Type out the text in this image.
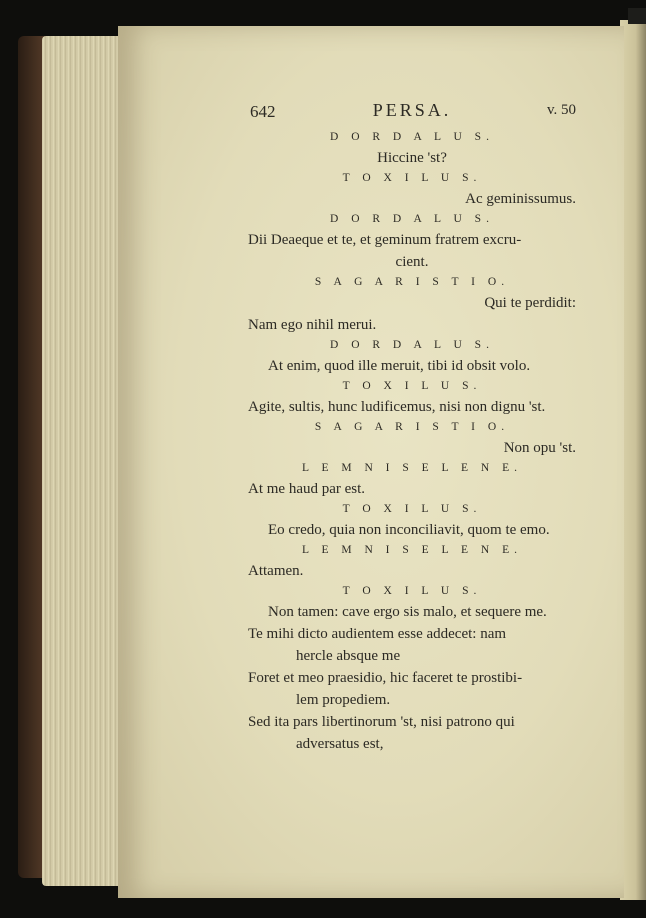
642	PERSA.	v. 50
D O R D A L U S.
Hiccine 'st?
T O X I L U S.
Ac geminissumus.
D O R D A L U S.
Dii Deaeque et te, et geminum fratrem excru-
cient.
S A G A R I S T I O.
Qui te perdidit:
Nam ego nihil merui.
D O R D A L U S.
At enim, quod ille meruit, tibi id obsit volo.
T O X I L U S.
Agite, sultis, hunc ludificemus, nisi non dignu 'st.
S A G A R I S T I O.
Non opu 'st.
L E M N I S E L E N E.
At me haud par est.
T O X I L U S.
Eo credo, quia non inconciliavit, quom te emo.
L E M N I S E L E N E.
Attamen.
T O X I L U S.
Non tamen: cave ergo sis malo, et sequere me.
Te mihi dicto audientem esse addecet: nam
hercle absque me
Foret et meo praesidio, hic faceret te prostibi-
lem propediem.
Sed ita pars libertinorum 'st, nisi patrono qui
adversatus est,
